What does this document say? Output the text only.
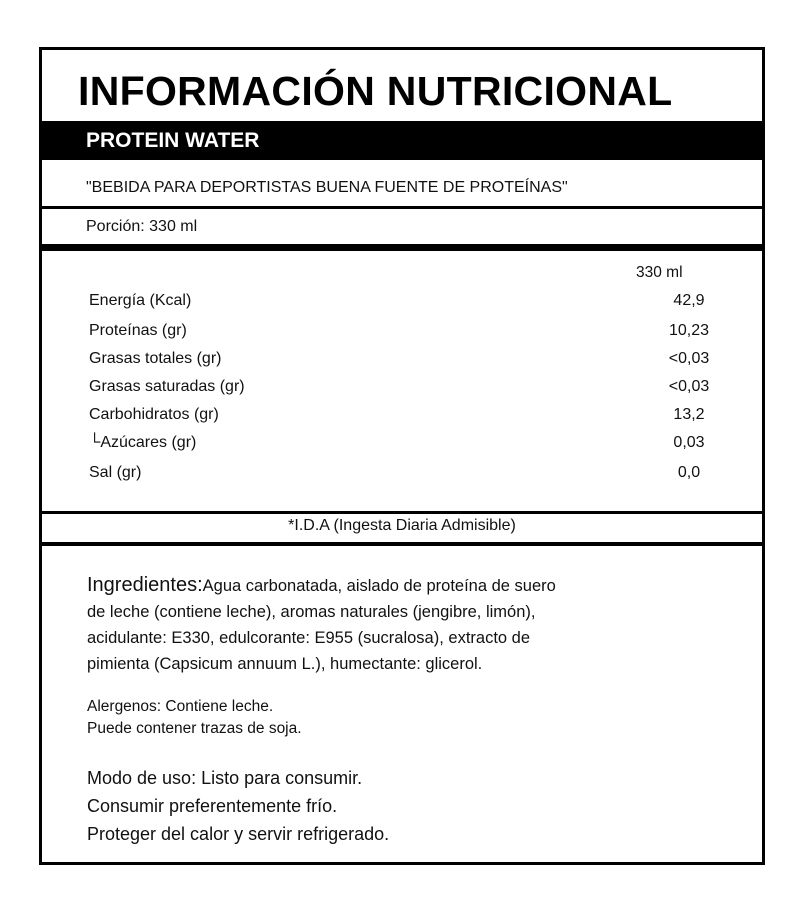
INFORMACIÓN NUTRICIONAL
PROTEIN WATER
"BEBIDA PARA DEPORTISTAS BUENA FUENTE DE PROTEÍNAS"
Porción: 330 ml
330 ml
Energía (Kcal)	42,9
Proteínas (gr)	10,23
Grasas totales (gr)	<0,03
Grasas saturadas (gr)	<0,03
Carbohidratos (gr)	13,2
└Azúcares (gr)	0,03
Sal (gr)	0,0
*I.D.A (Ingesta Diaria Admisible)
Ingredientes:Agua carbonatada, aislado de proteína de suero
de leche (contiene leche), aromas naturales (jengibre, limón),
acidulante: E330, edulcorante: E955 (sucralosa), extracto de
pimienta (Capsicum annuum L.), humectante: glicerol.
Alergenos: Contiene leche.
Puede contener trazas de soja.
Modo de uso: Listo para consumir.
Consumir preferentemente frío.
Proteger del calor y servir refrigerado.
